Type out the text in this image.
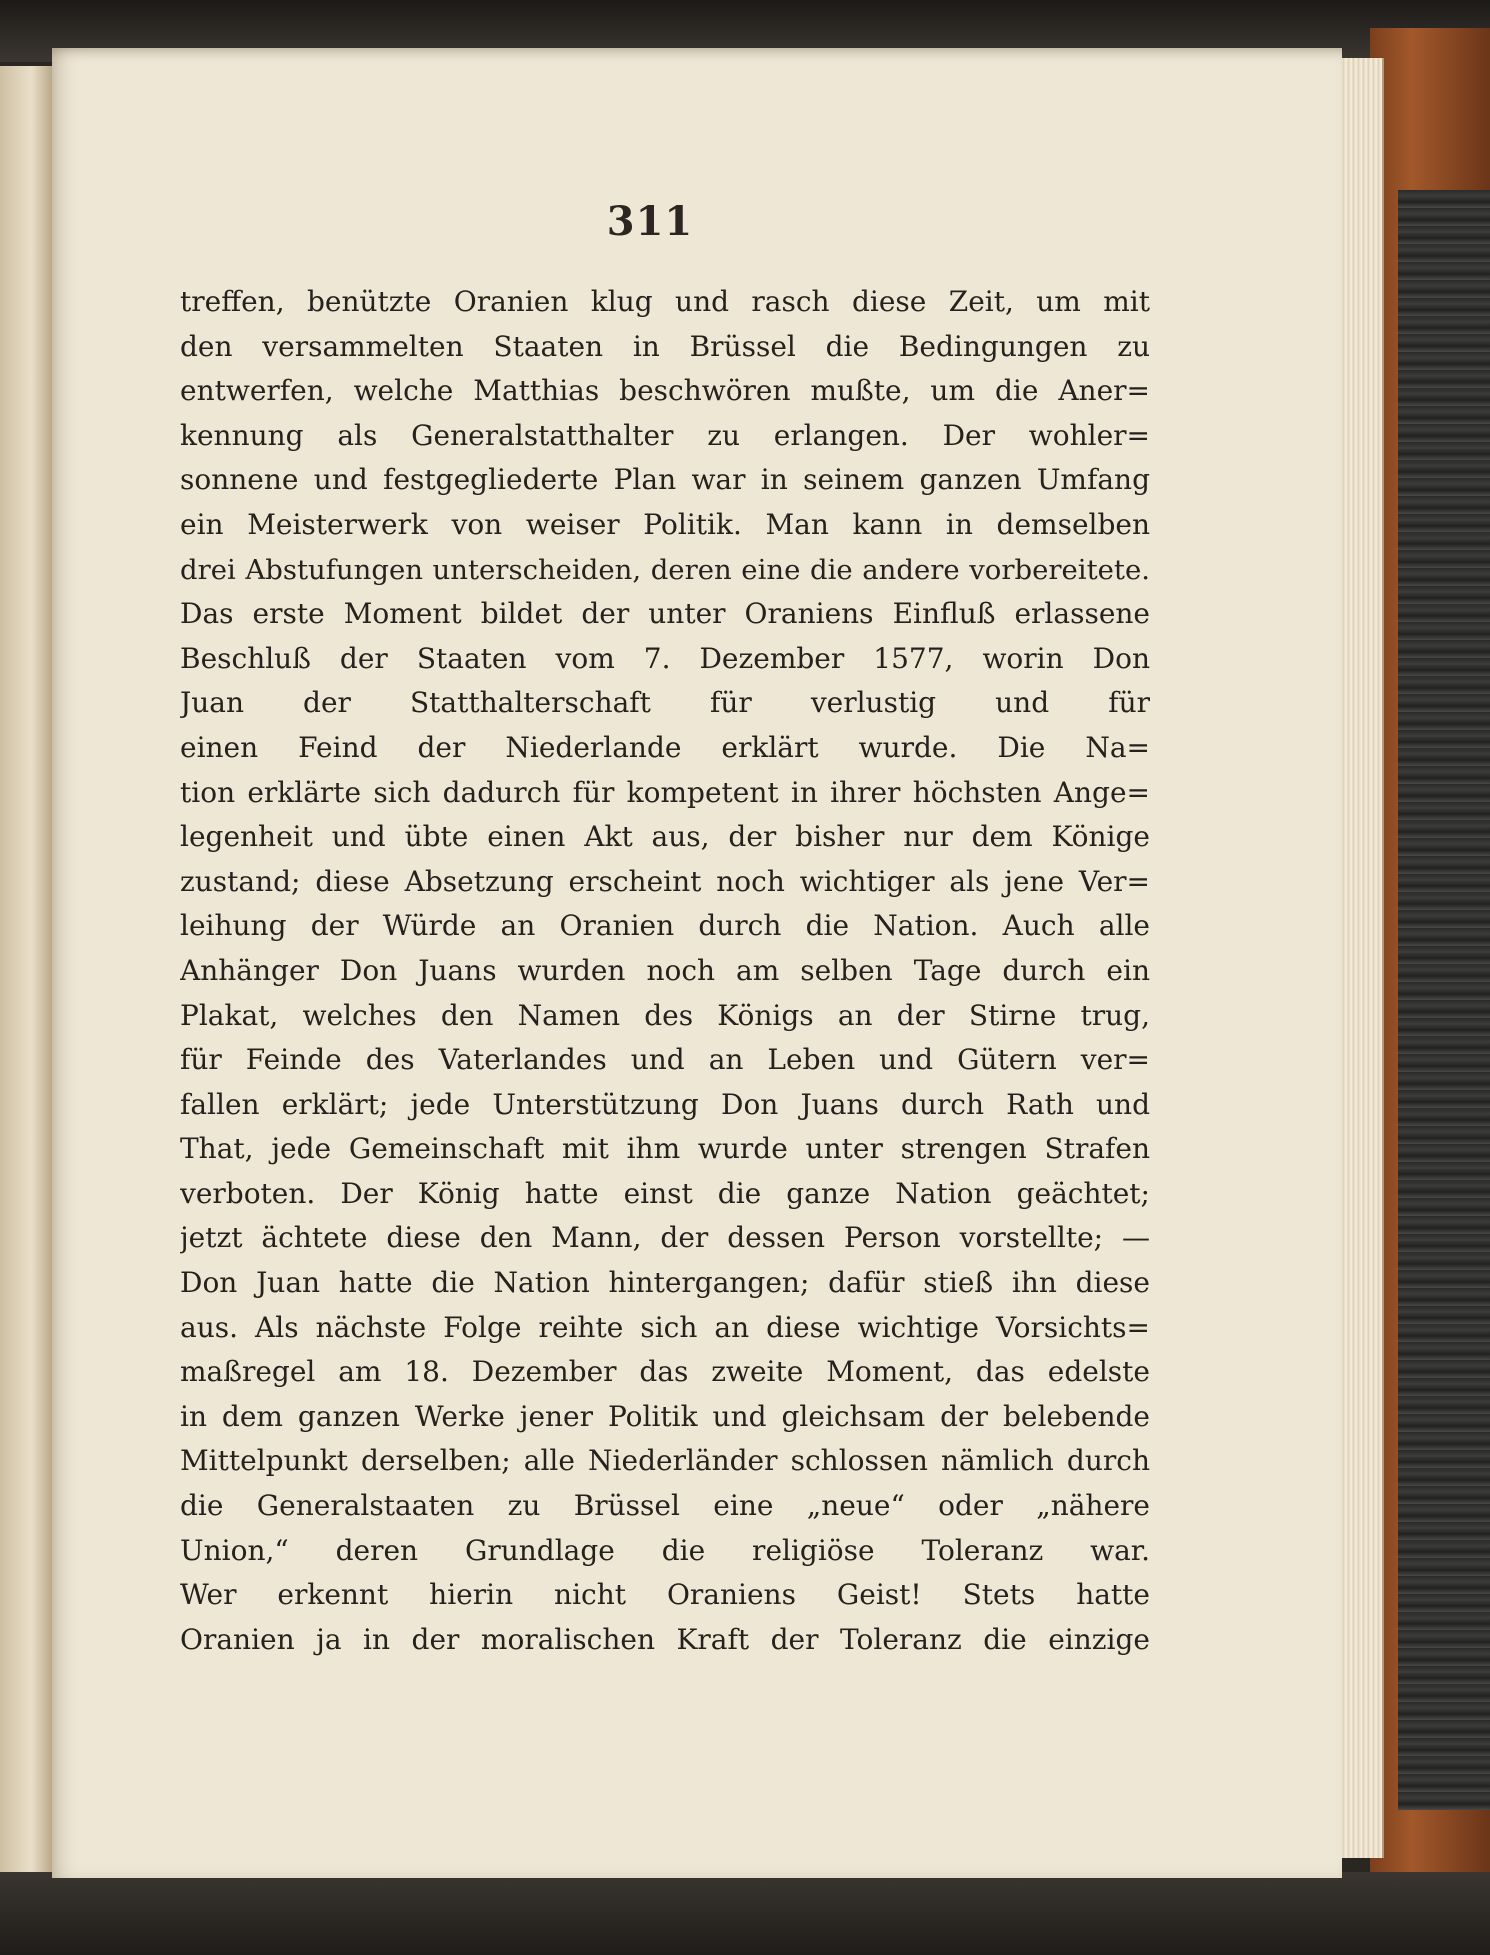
311
treffen, benützte Oranien klug und rasch diese Zeit, um mit
den versammelten Staaten in Brüssel die Bedingungen zu
entwerfen, welche Matthias beschwören mußte, um die Aner=
kennung als Generalstatthalter zu erlangen. Der wohler=
sonnene und festgegliederte Plan war in seinem ganzen Umfang
ein Meisterwerk von weiser Politik. Man kann in demselben
drei Abstufungen unterscheiden, deren eine die andere vorbereitete.
Das erste Moment bildet der unter Oraniens Einfluß erlassene
Beschluß der Staaten vom 7. Dezember 1577, worin Don
Juan der Statthalterschaft für verlustig und für
einen Feind der Niederlande erklärt wurde. Die Na=
tion erklärte sich dadurch für kompetent in ihrer höchsten Ange=
legenheit und übte einen Akt aus, der bisher nur dem Könige
zustand; diese Absetzung erscheint noch wichtiger als jene Ver=
leihung der Würde an Oranien durch die Nation. Auch alle
Anhänger Don Juans wurden noch am selben Tage durch ein
Plakat, welches den Namen des Königs an der Stirne trug,
für Feinde des Vaterlandes und an Leben und Gütern ver=
fallen erklärt; jede Unterstützung Don Juans durch Rath und
That, jede Gemeinschaft mit ihm wurde unter strengen Strafen
verboten. Der König hatte einst die ganze Nation geächtet;
jetzt ächtete diese den Mann, der dessen Person vorstellte; —
Don Juan hatte die Nation hintergangen; dafür stieß ihn diese
aus. Als nächste Folge reihte sich an diese wichtige Vorsichts=
maßregel am 18. Dezember das zweite Moment, das edelste
in dem ganzen Werke jener Politik und gleichsam der belebende
Mittelpunkt derselben; alle Niederländer schlossen nämlich durch
die Generalstaaten zu Brüssel eine „neue“ oder „nähere
Union,“ deren Grundlage die religiöse Toleranz war.
Wer erkennt hierin nicht Oraniens Geist! Stets hatte
Oranien ja in der moralischen Kraft der Toleranz die einzige
